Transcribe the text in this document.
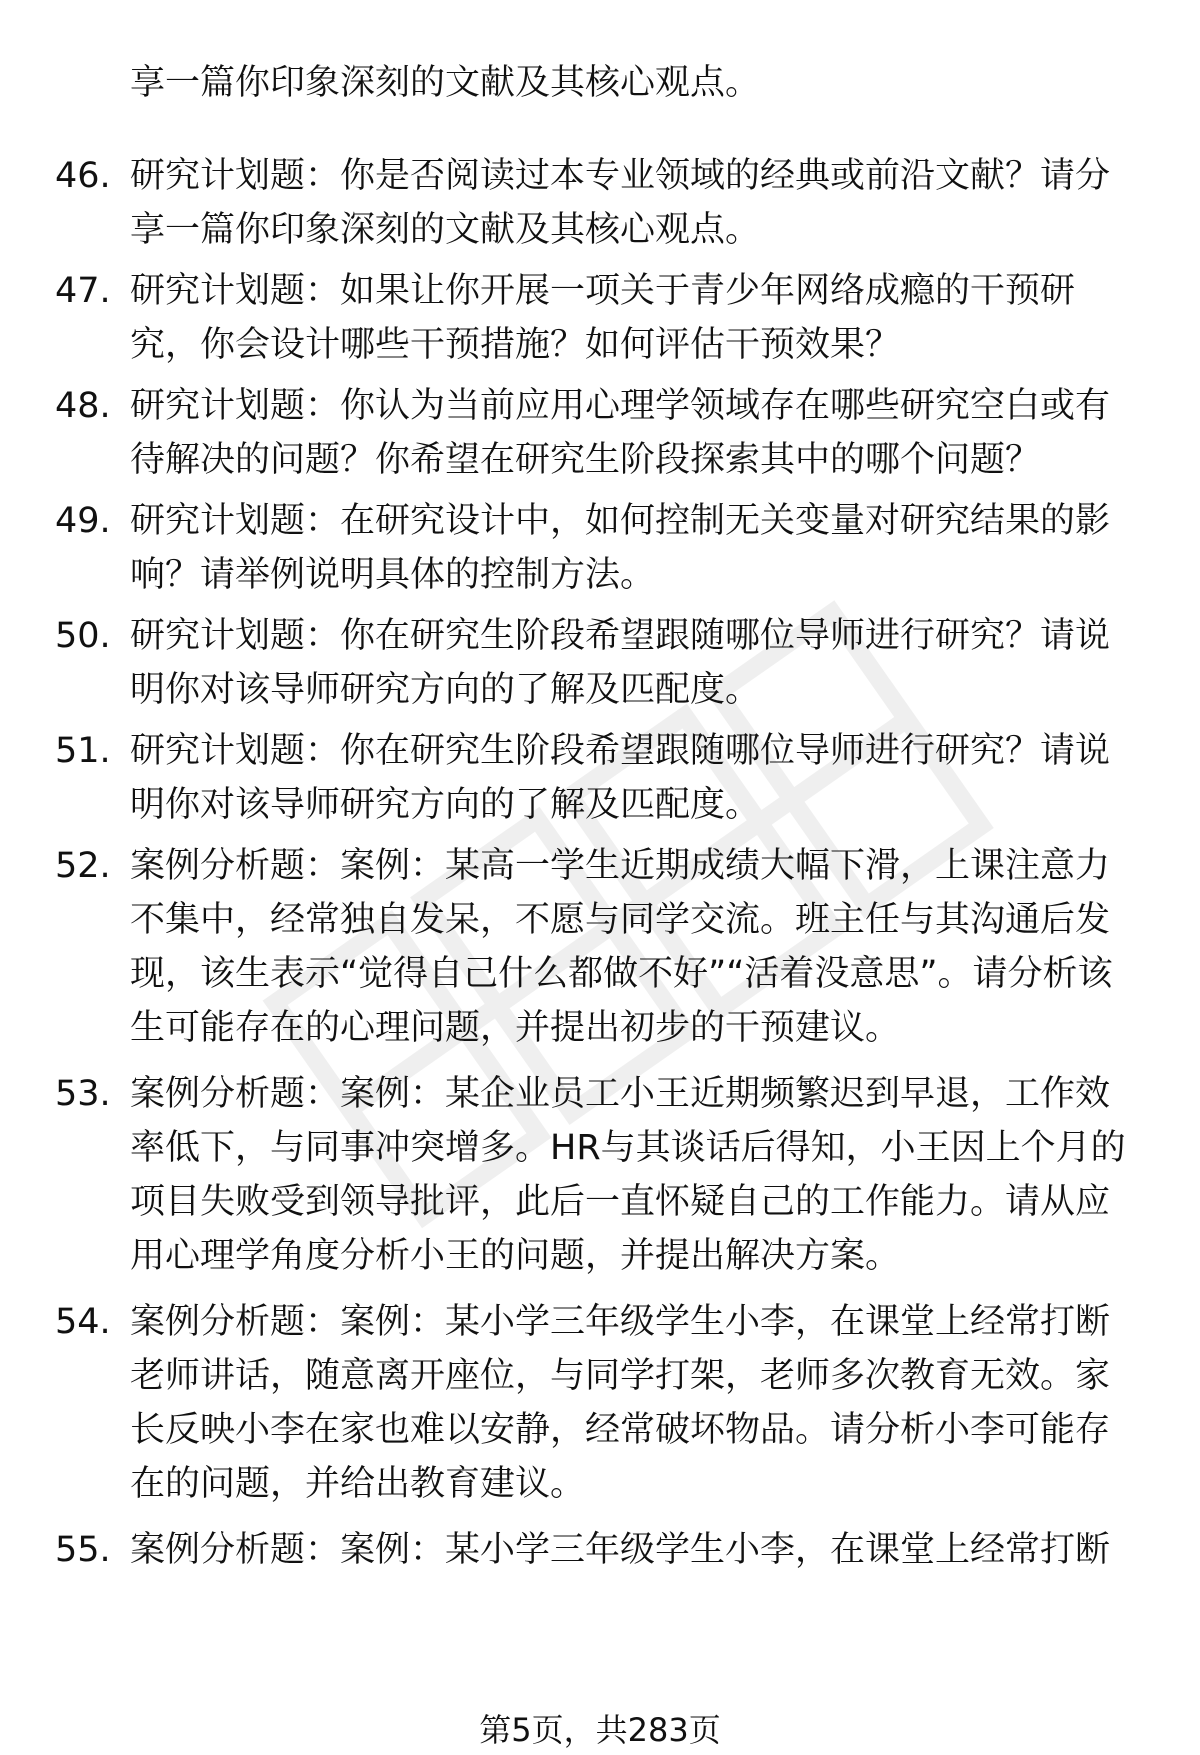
享一篇你印象深刻的文献及其核心观点。
46. 研究计划题：你是否阅读过本专业领域的经典或前沿文献？请分享一篇你印象深刻的文献及其核心观点。
47. 研究计划题：如果让你开展一项关于青少年网络成瘾的干预研究，你会设计哪些干预措施？如何评估干预效果？
48. 研究计划题：你认为当前应用心理学领域存在哪些研究空白或有待解决的问题？你希望在研究生阶段探索其中的哪个问题？
49. 研究计划题：在研究设计中，如何控制无关变量对研究结果的影响？请举例说明具体的控制方法。
50. 研究计划题：你在研究生阶段希望跟随哪位导师进行研究？请说明你对该导师研究方向的了解及匹配度。
51. 研究计划题：你在研究生阶段希望跟随哪位导师进行研究？请说明你对该导师研究方向的了解及匹配度。
52. 案例分析题：案例：某高一学生近期成绩大幅下滑，上课注意力不集中，经常独自发呆，不愿与同学交流。班主任与其沟通后发现，该生表示“觉得自己什么都做不好”“活着没意思”。请分析该生可能存在的心理问题，并提出初步的干预建议。
53. 案例分析题：案例：某企业员工小王近期频繁迟到早退，工作效率低下，与同事冲突增多。HR与其谈话后得知，小王因上个月的项目失败受到领导批评，此后一直怀疑自己的工作能力。请从应用心理学角度分析小王的问题，并提出解决方案。
54. 案例分析题：案例：某小学三年级学生小李，在课堂上经常打断老师讲话，随意离开座位，与同学打架，老师多次教育无效。家长反映小李在家也难以安静，经常破坏物品。请分析小李可能存在的问题，并给出教育建议。
55. 案例分析题：案例：某小学三年级学生小李，在课堂上经常打断
第5页，共283页
